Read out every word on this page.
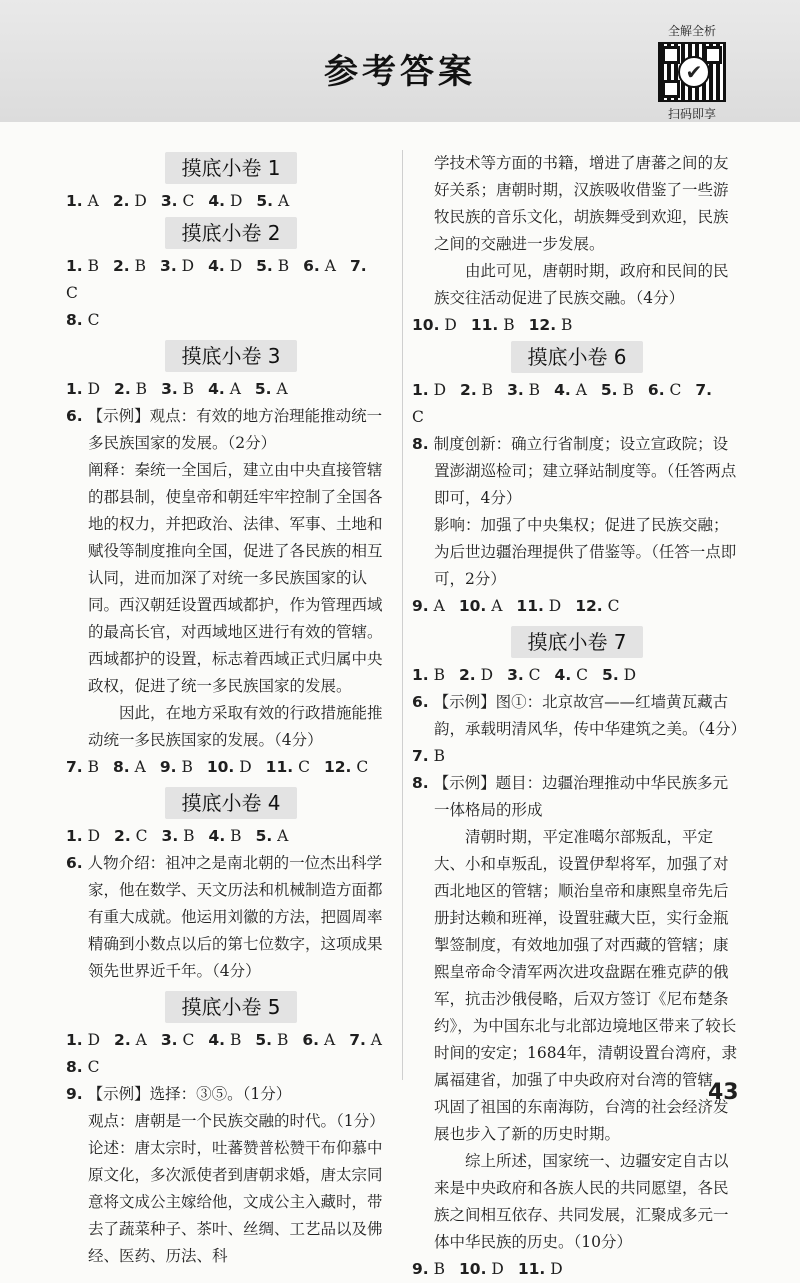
参考答案
全解全析
✔
扫码即享
摸底小卷 1
1. A 2. D 3. C 4. D 5. A
摸底小卷 2
1. B 2. B 3. D 4. D 5. B 6. A 7. C
8. C
摸底小卷 3
1. D 2. B 3. B 4. A 5. A

6. 【示例】观点：有效的地方治理能推动统一多民族国家的发展。（2分）

阐释：秦统一全国后，建立由中央直接管辖的郡县制，使皇帝和朝廷牢牢控制了全国各地的权力，并把政治、法律、军事、土地和赋役等制度推向全国，促进了各民族的相互认同，进而加深了对统一多民族国家的认同。西汉朝廷设置西域都护，作为管理西域的最高长官，对西域地区进行有效的管辖。西域都护的设置，标志着西域正式归属中央政权，促进了统一多民族国家的发展。

因此，在地方采取有效的行政措施能推动统一多民族国家的发展。（4分）

7. B 8. A 9. B 10. D 11. C 12. C
摸底小卷 4
1. D 2. C 3. B 4. B 5. A

6. 人物介绍：祖冲之是南北朝的一位杰出科学家，他在数学、天文历法和机械制造方面都有重大成就。他运用刘徽的方法，把圆周率精确到小数点以后的第七位数字，这项成果领先世界近千年。（4分）

摸底小卷 5
1. D 2. A 3. C 4. B 5. B 6. A 7. A
8. C

9. 【示例】选择：③⑤。（1分）

观点：唐朝是一个民族交融的时代。（1分）

论述：唐太宗时，吐蕃赞普松赞干布仰慕中原文化，多次派使者到唐朝求婚，唐太宗同意将文成公主嫁给他，文成公主入藏时，带去了蔬菜种子、茶叶、丝绸、工艺品以及佛经、医药、历法、科

学技术等方面的书籍，增进了唐蕃之间的友好关系；唐朝时期，汉族吸收借鉴了一些游牧民族的音乐文化，胡族舞受到欢迎，民族之间的交融进一步发展。

由此可见，唐朝时期，政府和民间的民族交往活动促进了民族交融。（4分）

10. D 11. B 12. B
摸底小卷 6
1. D 2. B 3. B 4. A 5. B 6. C 7. C

8. 制度创新：确立行省制度；设立宣政院；设置澎湖巡检司；建立驿站制度等。（任答两点即可，4分）

影响：加强了中央集权；促进了民族交融；为后世边疆治理提供了借鉴等。（任答一点即可，2分）

9. A 10. A 11. D 12. C
摸底小卷 7
1. B 2. D 3. C 4. C 5. D

6. 【示例】图①：北京故宫——红墙黄瓦藏古韵，承载明清风华，传中华建筑之美。（4分）

7. B

8. 【示例】题目：边疆治理推动中华民族多元一体格局的形成

清朝时期，平定准噶尔部叛乱，平定大、小和卓叛乱，设置伊犁将军，加强了对西北地区的管辖；顺治皇帝和康熙皇帝先后册封达赖和班禅，设置驻藏大臣，实行金瓶掣签制度，有效地加强了对西藏的管辖；康熙皇帝命令清军两次进攻盘踞在雅克萨的俄军，抗击沙俄侵略，后双方签订《尼布楚条约》，为中国东北与北部边境地区带来了较长时间的安定；1684年，清朝设置台湾府，隶属福建省，加强了中央政府对台湾的管辖，巩固了祖国的东南海防，台湾的社会经济发展也步入了新的历史时期。

综上所述，国家统一、边疆安定自古以来是中央政府和各族人民的共同愿望，各民族之间相互依存、共同发展，汇聚成多元一体中华民族的历史。（10分）

9. B 10. D 11. D
43
